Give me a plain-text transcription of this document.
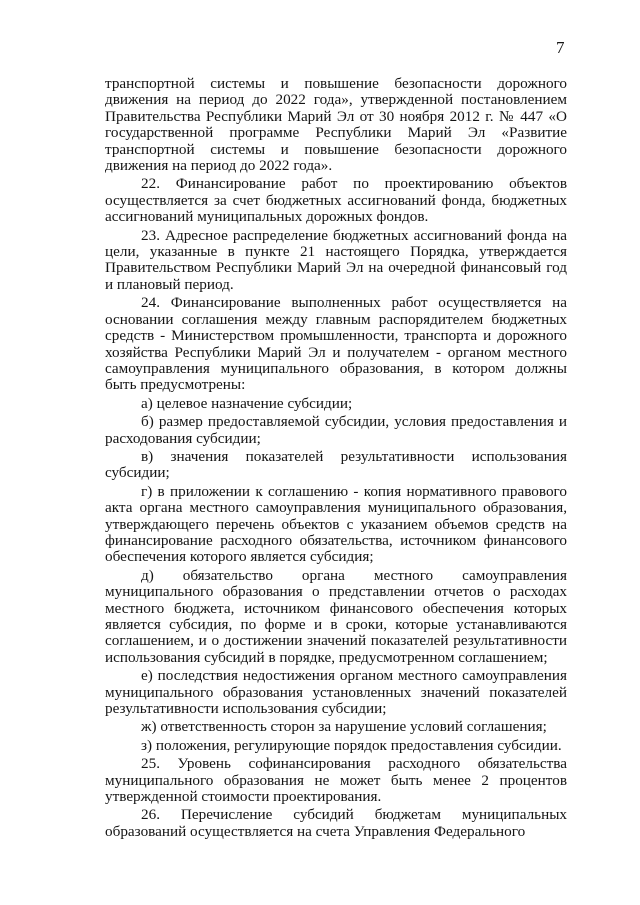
7

транспортной системы и повышение безопасности дорожного движения на период до 2022 года», утвержденной постановлением Правительства Республики Марий Эл от 30 ноября 2012 г. № 447 «О государственной программе Республики Марий Эл «Развитие транспортной системы и повышение безопасности дорожного движения на период до 2022 года».

22. Финансирование работ по проектированию объектов осуществляется за счет бюджетных ассигнований фонда, бюджетных ассигнований муниципальных дорожных фондов.

23. Адресное распределение бюджетных ассигнований фонда на цели, указанные в пункте 21 настоящего Порядка, утверждается Правительством Республики Марий Эл на очередной финансовый год и плановый период.

24. Финансирование выполненных работ осуществляется на основании соглашения между главным распорядителем бюджетных средств - Министерством промышленности, транспорта и дорожного хозяйства Республики Марий Эл и получателем - органом местного самоуправления муниципального образования, в котором должны быть предусмотрены:

а) целевое назначение субсидии;

б) размер предоставляемой субсидии, условия предоставления и расходования субсидии;

в) значения показателей результативности использования субсидии;

г) в приложении к соглашению - копия нормативного правового акта органа местного самоуправления муниципального образования, утверждающего перечень объектов с указанием объемов средств на финансирование расходного обязательства, источником финансового обеспечения которого является субсидия;

д) обязательство органа местного самоуправления муниципального образования о представлении отчетов о расходах местного бюджета, источником финансового обеспечения которых является субсидия, по форме и в сроки, которые устанавливаются соглашением, и о достижении значений показателей результативности использования субсидий в порядке, предусмотренном соглашением;

е) последствия недостижения органом местного самоуправления муниципального образования установленных значений показателей результативности использования субсидии;

ж) ответственность сторон за нарушение условий соглашения;

з) положения, регулирующие порядок предоставления субсидии.

25. Уровень софинансирования расходного обязательства муниципального образования не может быть менее 2 процентов утвержденной стоимости проектирования.

26. Перечисление субсидий бюджетам муниципальных образований осуществляется на счета Управления Федерального
